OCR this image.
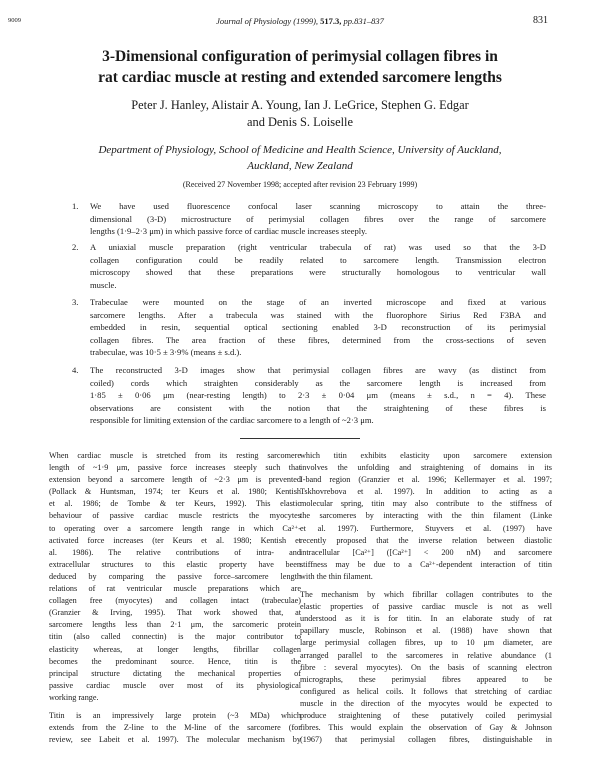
9009	Journal of Physiology (1999), 517.3, pp.831–837	831
3-Dimensional configuration of perimysial collagen fibres in
rat cardiac muscle at resting and extended sarcomere lengths
Peter J. Hanley, Alistair A. Young, Ian J. LeGrice, Stephen G. Edgar
and Denis S. Loiselle
Department of Physiology, School of Medicine and Health Science, University of Auckland,
Auckland, New Zealand
(Received 27 November 1998; accepted after revision 23 February 1999)
1. We have used fluorescence confocal laser scanning microscopy to attain the three-
dimensional (3-D) microstructure of perimysial collagen fibres over the range of sarcomere
lengths (1·9–2·3 μm) in which passive force of cardiac muscle increases steeply.
2. A uniaxial muscle preparation (right ventricular trabecula of rat) was used so that the 3-D
collagen configuration could be readily related to sarcomere length. Transmission electron
microscopy showed that these preparations were structurally homologous to ventricular wall
muscle.
3. Trabeculae were mounted on the stage of an inverted microscope and fixed at various
sarcomere lengths. After a trabecula was stained with the fluorophore Sirius Red F3BA and
embedded in resin, sequential optical sectioning enabled 3-D reconstruction of its perimysial
collagen fibres. The area fraction of these fibres, determined from the cross-sections of seven
trabeculae, was 10·5 ± 3·9% (means ± s.d.).
4. The reconstructed 3-D images show that perimysial collagen fibres are wavy (as distinct from
coiled) cords which straighten considerably as the sarcomere length is increased from
1·85 ± 0·06 μm (near-resting length) to 2·3 ± 0·04 μm (means ± s.d., n = 4). These
observations are consistent with the notion that the straightening of these fibres is
responsible for limiting extension of the cardiac sarcomere to a length of ~2·3 μm.
When cardiac muscle is stretched from its resting sarcomere
length of ~1·9 μm, passive force increases steeply such that
extension beyond a sarcomere length of ~2·3 μm is prevented
(Pollack & Huntsman, 1974; ter Keurs et al. 1980; Kentish
et al. 1986; de Tombe & ter Keurs, 1992). This elastic
behaviour of passive cardiac muscle restricts the myocytes
to operating over a sarcomere length range in which Ca²⁺-
activated force increases (ter Keurs et al. 1980; Kentish et
al. 1986). The relative contributions of intra- and
extracellular structures to this elastic property have been
deduced by comparing the passive force–sarcomere length
relations of rat ventricular muscle preparations which are
collagen free (myocytes) and collagen intact (trabeculae)
(Granzier & Irving, 1995). That work showed that, at
sarcomere lengths less than 2·1 μm, the sarcomeric protein
titin (also called connectin) is the major contributor to
elasticity whereas, at longer lengths, fibrillar collagen
becomes the predominant source. Hence, titin is the
principal structure dictating the mechanical properties of
passive cardiac muscle over most of its physiological
working range.
Titin is an impressively large protein (~3 MDa) which
extends from the Z-line to the M-line of the sarcomere (for
review, see Labeit et al. 1997). The molecular mechanism by
which titin exhibits elasticity upon sarcomere extension
involves the unfolding and straightening of domains in its
I-band region (Granzier et al. 1996; Kellermayer et al. 1997;
Tskhovrebova et al. 1997). In addition to acting as a
molecular spring, titin may also contribute to the stiffness of
the sarcomeres by interacting with the thin filament (Linke
et al. 1997). Furthermore, Stuyvers et al. (1997) have
recently proposed that the inverse relation between diastolic
intracellular [Ca²⁺] ([Ca²⁺] < 200 nM) and sarcomere
stiffness may be due to a Ca²⁺-dependent interaction of titin
with the thin filament.
The mechanism by which fibrillar collagen contributes to the
elastic properties of passive cardiac muscle is not as well
understood as it is for titin. In an elaborate study of rat
papillary muscle, Robinson et al. (1988) have shown that
large perimysial collagen fibres, up to 10 μm diameter, are
arranged parallel to the sarcomeres in relative abundance (1
fibre : several myocytes). On the basis of scanning electron
micrographs, these perimysial fibres appeared to be
configured as helical coils. It follows that stretching of cardiac
muscle in the direction of the myocytes would be expected to
produce straightening of these putatively coiled perimysial
fibres. This would explain the observation of Gay & Johnson
(1967) that perimysial collagen fibres, distinguishable in
